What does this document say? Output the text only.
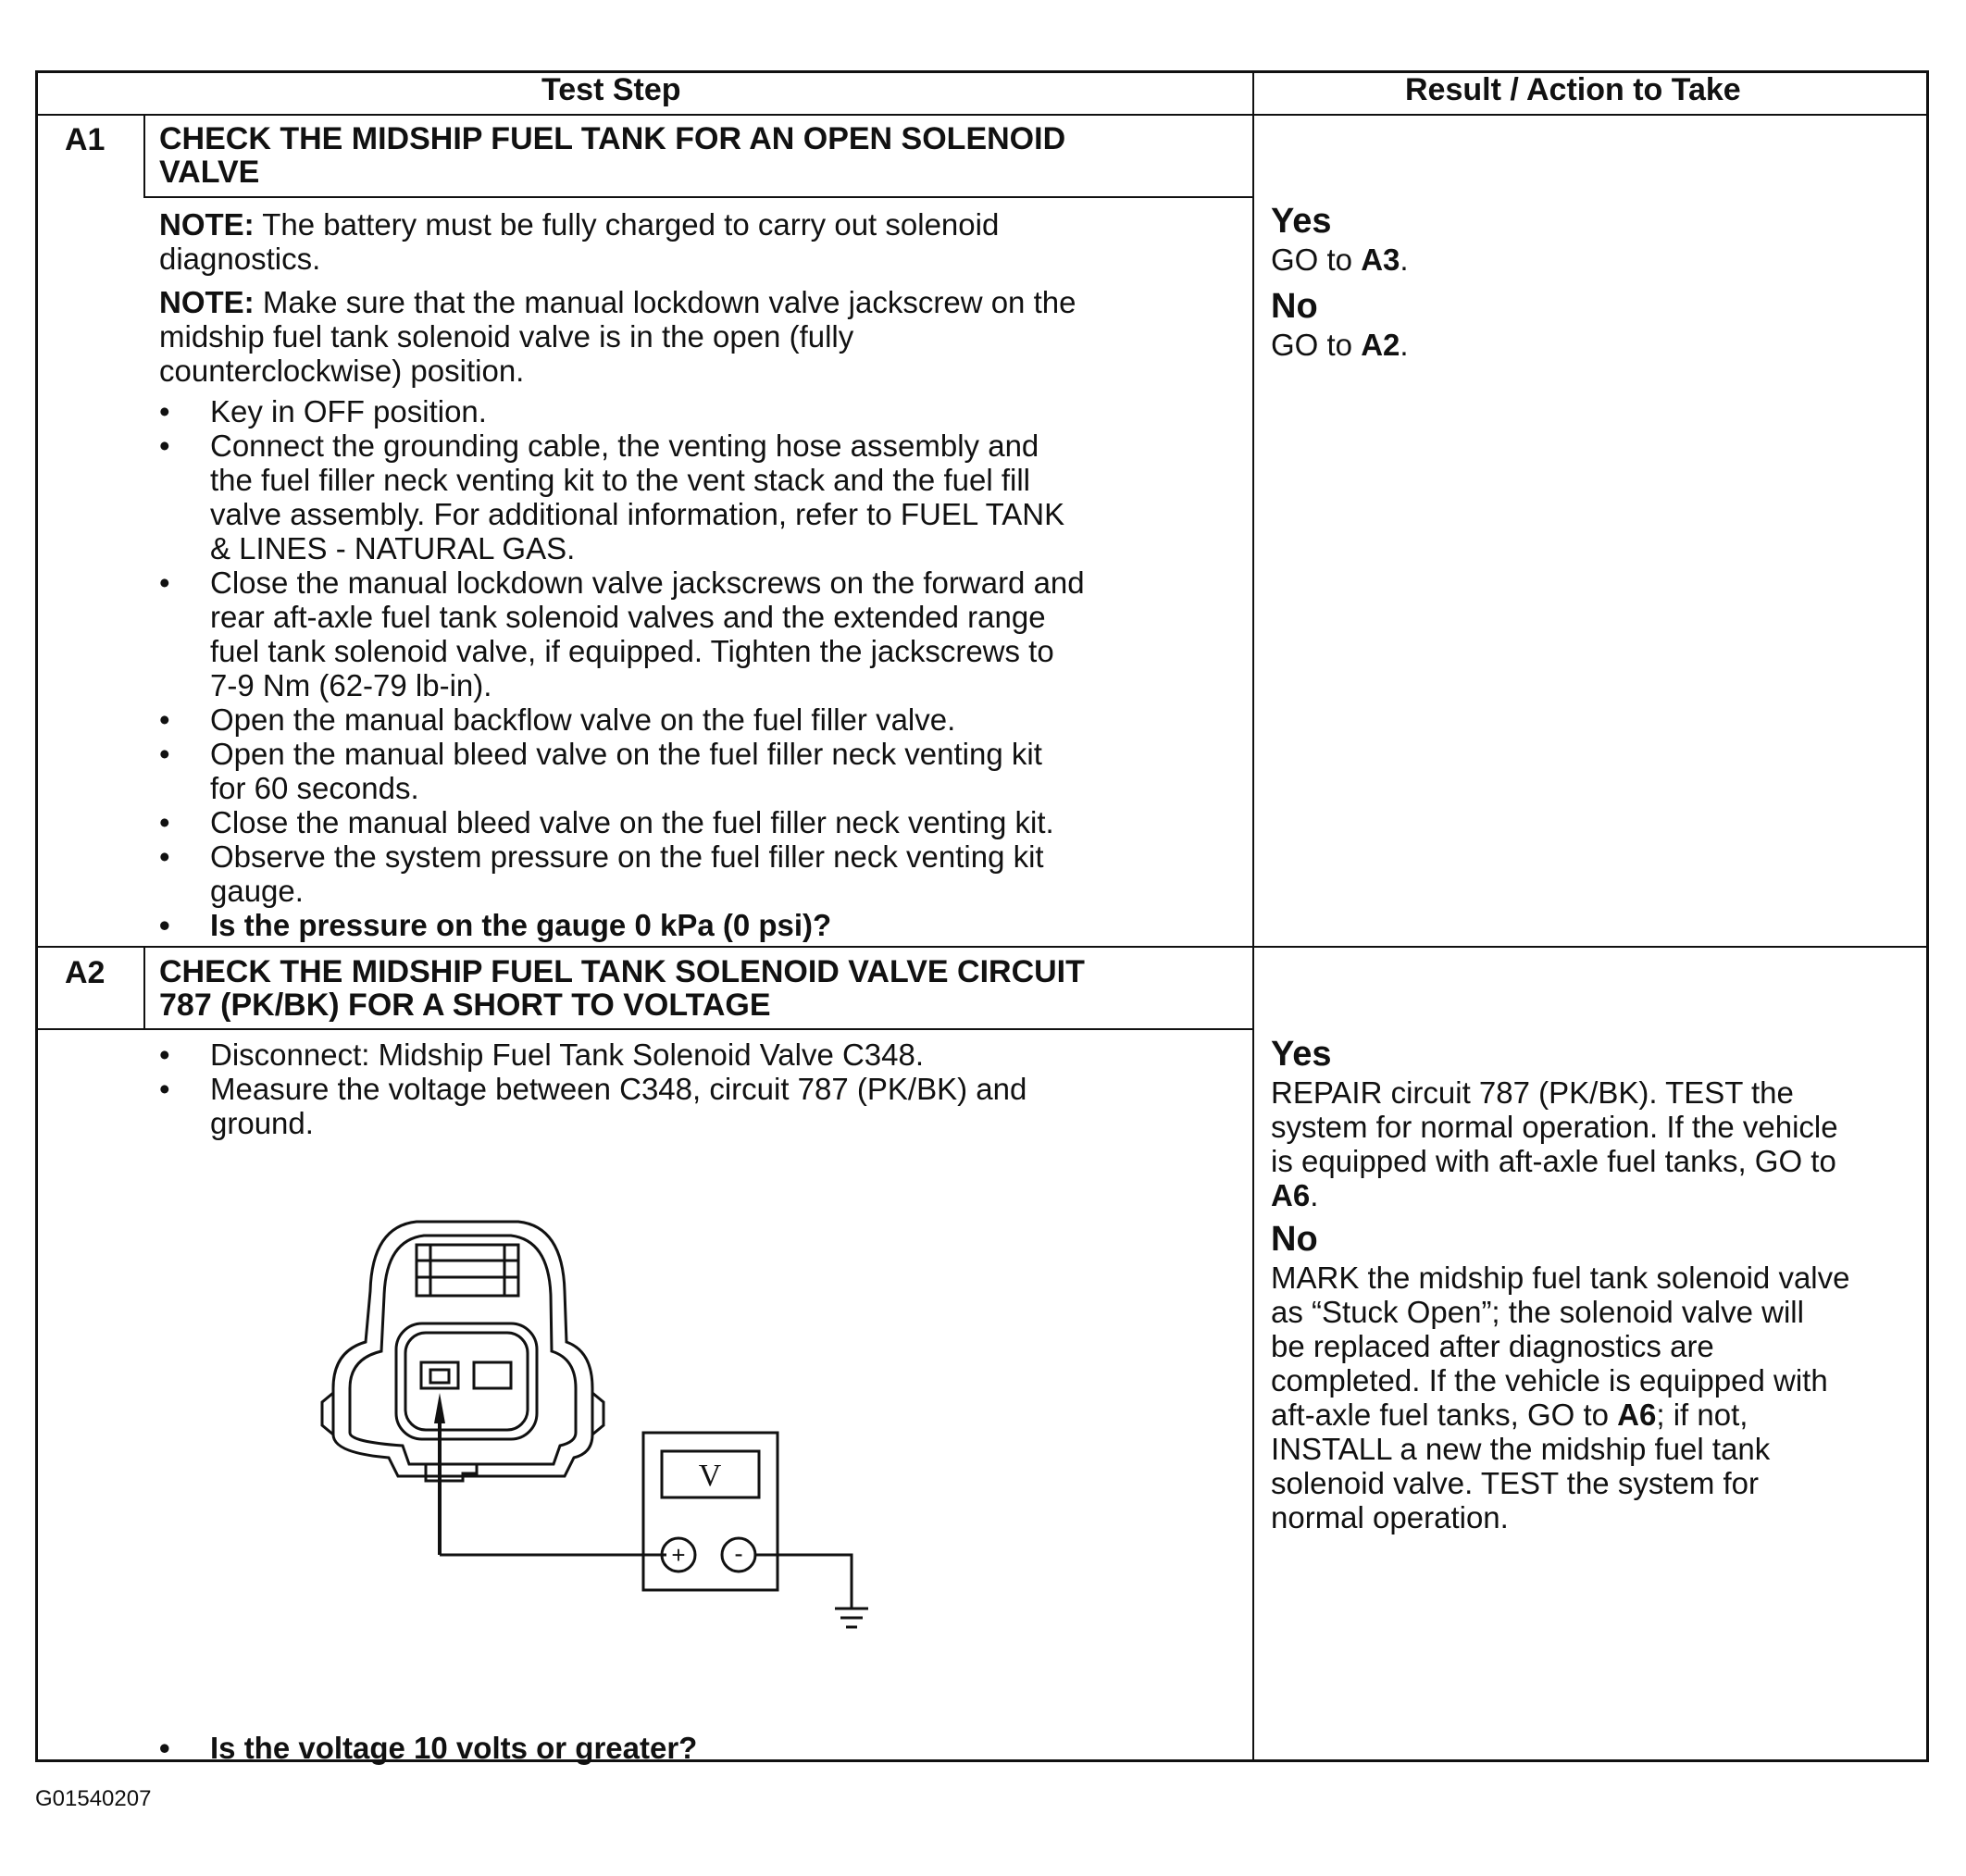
Test Step	Result / Action to Take
A1 CHECK THE MIDSHIP FUEL TANK FOR AN OPEN SOLENOID
VALVE
NOTE: The battery must be fully charged to carry out solenoid
diagnostics.
NOTE: Make sure that the manual lockdown valve jackscrew on the
midship fuel tank solenoid valve is in the open (fully
counterclockwise) position.
• Key in OFF position.
• Connect the grounding cable, the venting hose assembly and
the fuel filler neck venting kit to the vent stack and the fuel fill
valve assembly. For additional information, refer to FUEL TANK
& LINES - NATURAL GAS.
• Close the manual lockdown valve jackscrews on the forward and
rear aft-axle fuel tank solenoid valves and the extended range
fuel tank solenoid valve, if equipped. Tighten the jackscrews to
7-9 Nm (62-79 lb-in).
• Open the manual backflow valve on the fuel filler valve.
• Open the manual bleed valve on the fuel filler neck venting kit
for 60 seconds.
• Close the manual bleed valve on the fuel filler neck venting kit.
• Observe the system pressure on the fuel filler neck venting kit
gauge.
• Is the pressure on the gauge 0 kPa (0 psi)?
Yes
GO to A3.
No
GO to A2.
A2 CHECK THE MIDSHIP FUEL TANK SOLENOID VALVE CIRCUIT
787 (PK/BK) FOR A SHORT TO VOLTAGE
• Disconnect: Midship Fuel Tank Solenoid Valve C348.
• Measure the voltage between C348, circuit 787 (PK/BK) and
ground.
V
+ -
• Is the voltage 10 volts or greater?
Yes
REPAIR circuit 787 (PK/BK). TEST the
system for normal operation. If the vehicle
is equipped with aft-axle fuel tanks, GO to
A6.
No
MARK the midship fuel tank solenoid valve
as “Stuck Open”; the solenoid valve will
be replaced after diagnostics are
completed. If the vehicle is equipped with
aft-axle fuel tanks, GO to A6; if not,
INSTALL a new the midship fuel tank
solenoid valve. TEST the system for
normal operation.
G01540207
